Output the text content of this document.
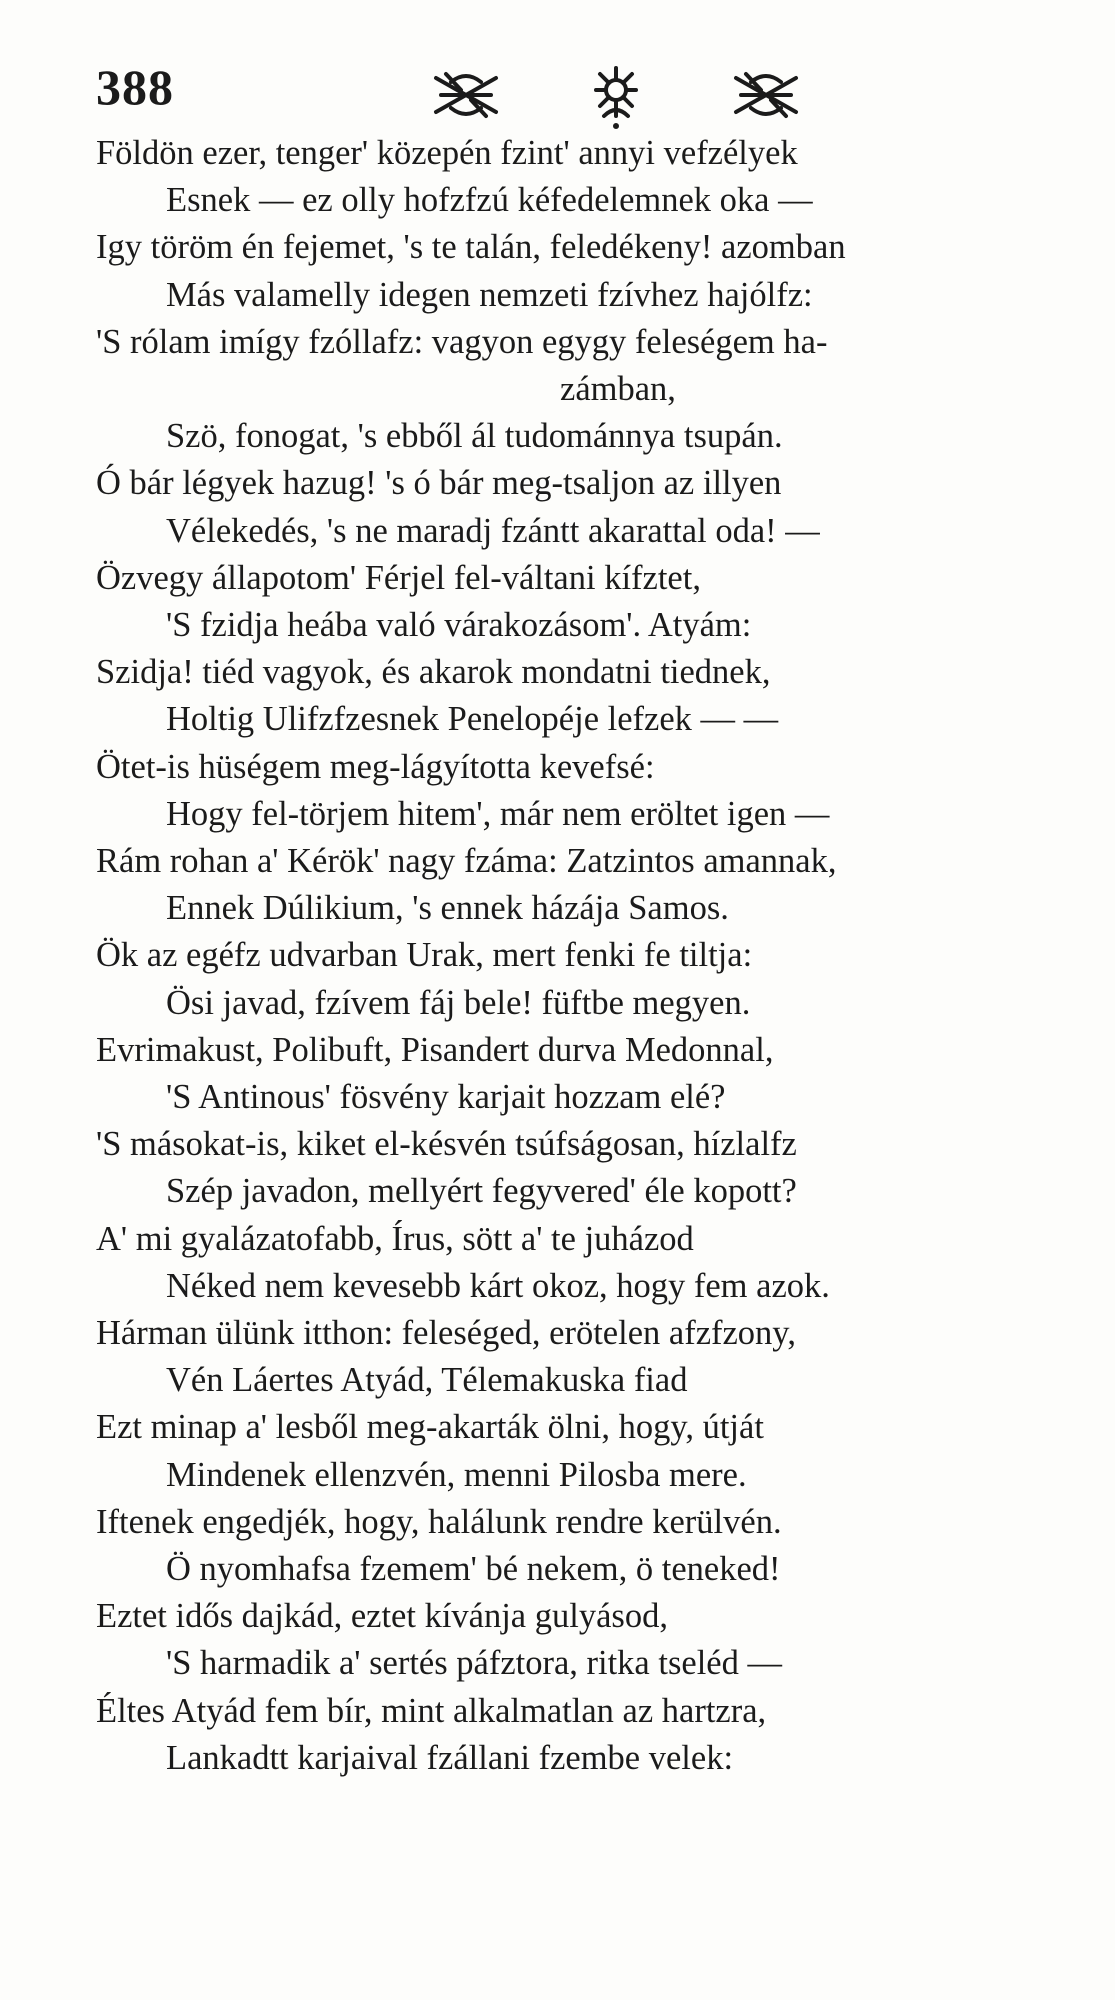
388
Földön ezer, tenger' közepén fzint' annyi vefzélyek
Esnek — ez olly hofzfzú kéfedelemnek oka —
Igy töröm én fejemet, 's te talán, feledékeny! azomban
Más valamelly idegen nemzeti fzívhez hajólfz:
'S rólam imígy fzóllafz: vagyon egygy feleségem ha-
zámban,
Szö, fonogat, 's ebből ál tudománnya tsupán.
Ó bár légyek hazug! 's ó bár meg-tsaljon az illyen
Vélekedés, 's ne maradj fzántt akarattal oda! —
Özvegy állapotom' Férjel fel-váltani kífztet,
'S fzidja heába való várakozásom'. Atyám:
Szidja! tiéd vagyok, és akarok mondatni tiednek,
Holtig Ulifzfzesnek Penelopéje lefzek — —
Ötet-is hüségem meg-lágyította kevefsé:
Hogy fel-törjem hitem', már nem eröltet igen —
Rám rohan a' Kérök' nagy fzáma: Zatzintos amannak,
Ennek Dúlikium, 's ennek házája Samos.
Ök az egéfz udvarban Urak, mert fenki fe tiltja:
Ösi javad, fzívem fáj bele! füftbe megyen.
Evrimakust, Polibuft, Pisandert durva Medonnal,
'S Antinous' fösvény karjait hozzam elé?
'S másokat-is, kiket el-késvén tsúfságosan, hízlalfz
Szép javadon, mellyért fegyvered' éle kopott?
A' mi gyalázatofabb, Írus, sött a' te juházod
Néked nem kevesebb kárt okoz, hogy fem azok.
Hárman ülünk itthon: feleséged, erötelen afzfzony,
Vén Láertes Atyád, Télemakuska fiad
Ezt minap a' lesből meg-akarták ölni, hogy, útját
Mindenek ellenzvén, menni Pilosba mere.
Iftenek engedjék, hogy, halálunk rendre kerülvén.
Ö nyomhafsa fzemem' bé nekem, ö teneked!
Eztet idős dajkád, eztet kívánja gulyásod,
'S harmadik a' sertés páfztora, ritka tseléd —
Éltes Atyád fem bír, mint alkalmatlan az hartzra,
Lankadtt karjaival fzállani fzembe velek:
